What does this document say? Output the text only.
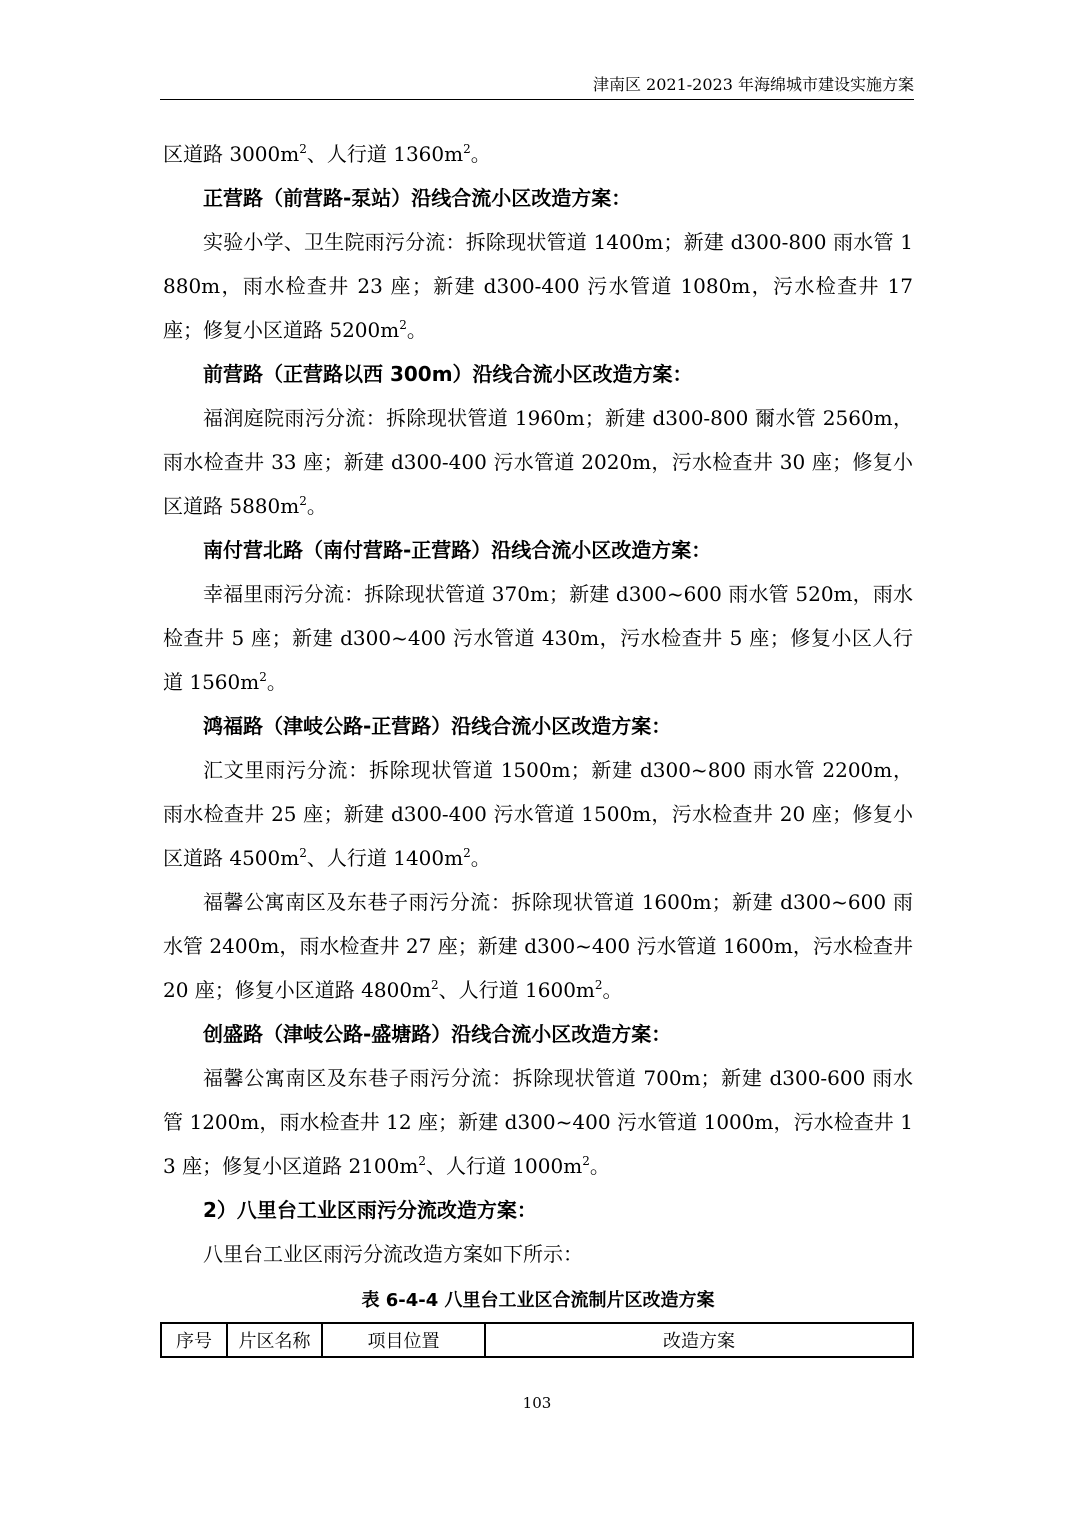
津南区 2021-2023 年海绵城市建设实施方案

区道路 $3000m^2$、人行道 $1360m^2$。

正营路（前营路-泵站）沿线合流小区改造方案：

实验小学、卫生院雨污分流：拆除现状管道 1400m；新建 d300-800 雨水管 1880m，雨水检查井 23 座；新建 d300-400 污水管道 1080m，污水检查井 17 座；修复小区道路 $5200m^2$。

前营路（正营路以西 300m）沿线合流小区改造方案：

福润庭院雨污分流：拆除现状管道 1960m；新建 d300-800 爾水管 2560m，雨水检查井 33 座；新建 d300-400 污水管道 2020m，污水检查井 30 座；修复小区道路 $5880m^2$。

南付营北路（南付营路-正营路）沿线合流小区改造方案：

幸福里雨污分流：拆除现状管道 370m；新建 d300~600 雨水管 520m，雨水检查井 5 座；新建 d300~400 污水管道 430m，污水检查井 5 座；修复小区人行道 $1560m^2$。

鸿福路（津岐公路-正营路）沿线合流小区改造方案：

汇文里雨污分流：拆除现状管道 1500m；新建 d300~800 雨水管 2200m，雨水检查井 25 座；新建 d300-400 污水管道 1500m，污水检查井 20 座；修复小区道路 $4500m^2$、人行道 $1400m^2$。

福馨公寓南区及东巷子雨污分流：拆除现状管道 1600m；新建 d300~600 雨水管 2400m，雨水检查井 27 座；新建 d300~400 污水管道 1600m，污水检查井 20 座；修复小区道路 $4800m^2$、人行道 $1600m^2$。

创盛路（津岐公路-盛塘路）沿线合流小区改造方案：

福馨公寓南区及东巷子雨污分流：拆除现状管道 700m；新建 d300-600 雨水管 1200m，雨水检查井 12 座；新建 d300~400 污水管道 1000m，污水检查井 13 座；修复小区道路 $2100m^2$、人行道 $1000m^2$。

2）八里台工业区雨污分流改造方案：

八里台工业区雨污分流改造方案如下所示：

表 6-4-4 八里台工业区合流制片区改造方案
序号	片区名称	项目位置	改造方案
103
